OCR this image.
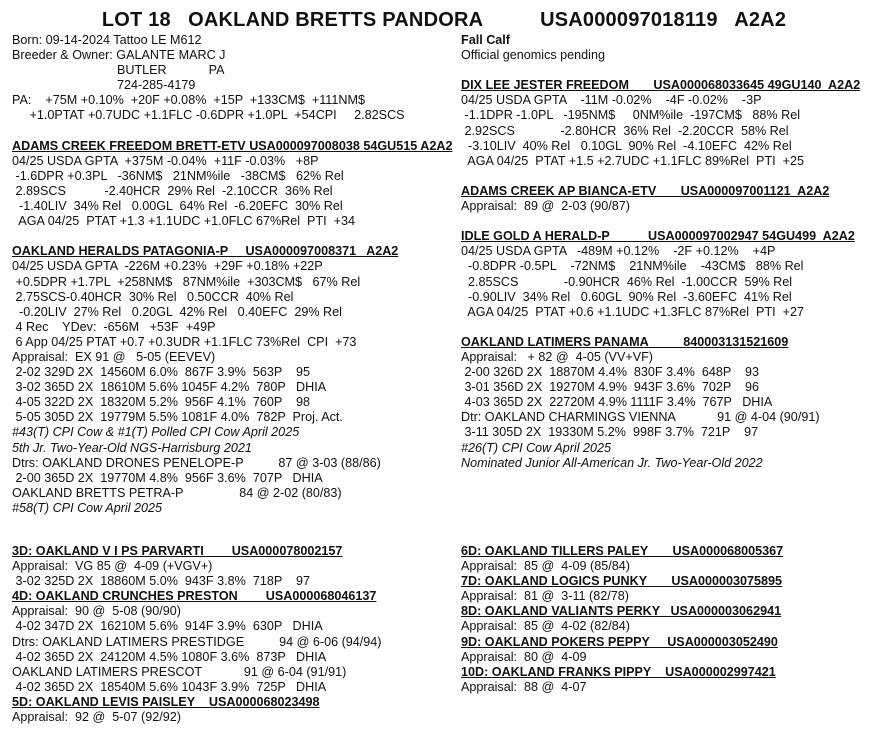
LOT 18   OAKLAND BRETTS PANDORA          USA000097018119   A2A2
Born: 09-14-2024 Tattoo LE M612
Breeder & Owner: GALANTE MARC J
BUTLER            PA
724-285-4179
PA:    +75M +0.10%  +20F +0.08%  +15P  +133CM$  +111NM$
+1.0PTAT +0.7UDC +1.1FLC -0.6DPR +1.0PL  +54CPI     2.82SCS
ADAMS CREEK FREEDOM BRETT-ETV USA000097008038 54GU515 A2A2
04/25 USDA GPTA  +375M -0.04%  +11F -0.03%   +8P
-1.6DPR +0.3PL   -36NM$   21NM%ile   -38CM$   62% Rel
2.89SCS           -2.40HCR  29% Rel  -2.10CCR  36% Rel
-1.40LIV  34% Rel   0.00GL  64% Rel  -6.20EFC  30% Rel
AGA 04/25  PTAT +1.3 +1.1UDC +1.0FLC 67%Rel  PTI  +34
OAKLAND HERALDS PATAGONIA-P     USA000097008371   A2A2
04/25 USDA GPTA  -226M +0.23%  +29F +0.18% +22P
+0.5DPR +1.7PL  +258NM$   87NM%ile  +303CM$   67% Rel
2.75SCS-0.40HCR  30% Rel   0.50CCR  40% Rel
-0.20LIV  27% Rel   0.20GL  42% Rel   0.40EFC  29% Rel
4 Rec    YDev:  -656M   +53F  +49P
6 App 04/25 PTAT +0.7 +0.3UDR +1.1FLC 73%Rel  CPI  +73
Appraisal:  EX 91 @   5-05 (EEVEV)
2-02 329D 2X  14560M 6.0%  867F 3.9%  563P    95
3-02 365D 2X  18610M 5.6% 1045F 4.2%  780P   DHIA
4-05 322D 2X  18320M 5.2%  956F 4.1%  760P    98
5-05 305D 2X  19779M 5.5% 1081F 4.0%  782P  Proj. Act.
#43(T) CPI Cow & #1(T) Polled CPI Cow April 2025
5th Jr. Two-Year-Old NGS-Harrisburg 2021
Dtrs: OAKLAND DRONES PENELOPE-P          87 @ 3-03 (88/86)
2-00 365D 2X  19770M 4.8%  956F 3.6%  707P   DHIA
OAKLAND BRETTS PETRA-P                84 @ 2-02 (80/83)
#58(T) CPI Cow April 2025
Fall Calf
Official genomics pending
DIX LEE JESTER FREEDOM       USA000068033645 49GU140  A2A2
04/25 USDA GPTA    -11M -0.02%    -4F -0.02%    -3P
-1.1DPR -1.0PL   -195NM$     0NM%ile  -197CM$   88% Rel
2.92SCS             -2.80HCR  36% Rel  -2.20CCR  58% Rel
-3.10LIV  40% Rel   0.10GL  90% Rel  -4.10EFC  42% Rel
AGA 04/25  PTAT +1.5 +2.7UDC +1.1FLC 89%Rel  PTI  +25
ADAMS CREEK AP BIANCA-ETV       USA000097001121  A2A2
Appraisal:  89 @  2-03 (90/87)
IDLE GOLD A HERALD-P           USA000097002947 54GU499  A2A2
04/25 USDA GPTA   -489M +0.12%    -2F +0.12%    +4P
-0.8DPR -0.5PL    -72NM$    21NM%ile    -43CM$   88% Rel
2.85SCS             -0.90HCR  46% Rel  -1.00CCR  59% Rel
-0.90LIV  34% Rel   0.60GL  90% Rel  -3.60EFC  41% Rel
AGA 04/25  PTAT +0.6 +1.1UDC +1.3FLC 87%Rel  PTI  +27
OAKLAND LATIMERS PANAMA          840003131521609
Appraisal:   + 82 @  4-05 (VV+VF)
2-00 326D 2X  18870M 4.4%  830F 3.4%  648P    93
3-01 356D 2X  19270M 4.9%  943F 3.6%  702P    96
4-03 365D 2X  22720M 4.9% 1111F 3.4%  767P   DHIA
Dtr: OAKLAND CHARMINGS VIENNA            91 @ 4-04 (90/91)
3-11 305D 2X  19330M 5.2%  998F 3.7%  721P    97
#26(T) CPI Cow April 2025
Nominated Junior All-American Jr. Two-Year-Old 2022
3D: OAKLAND V I PS PARVARTI        USA000078002157
Appraisal:  VG 85 @  4-09 (+VGV+)
3-02 325D 2X  18860M 5.0%  943F 3.8%  718P    97
4D: OAKLAND CRUNCHES PRESTON        USA000068046137
Appraisal:  90 @  5-08 (90/90)
4-02 347D 2X  16210M 5.6%  914F 3.9%  630P   DHIA
Dtrs: OAKLAND LATIMERS PRESTIDGE          94 @ 6-06 (94/94)
4-02 365D 2X  24120M 4.5% 1080F 3.6%  873P   DHIA
OAKLAND LATIMERS PRESCOT            91 @ 6-04 (91/91)
4-02 365D 2X  18540M 5.6% 1043F 3.9%  725P   DHIA
5D: OAKLAND LEVIS PAISLEY    USA000068023498
Appraisal:  92 @  5-07 (92/92)
6D: OAKLAND TILLERS PALEY       USA000068005367
Appraisal:  85 @  4-09 (85/84)
7D: OAKLAND LOGICS PUNKY       USA000003075895
Appraisal:  81 @  3-11 (82/78)
8D: OAKLAND VALIANTS PERKY   USA000003062941
Appraisal:  85 @  4-02 (82/84)
9D: OAKLAND POKERS PEPPY     USA000003052490
Appraisal:  80 @  4-09
10D: OAKLAND FRANKS PIPPY    USA000002997421
Appraisal:  88 @  4-07
